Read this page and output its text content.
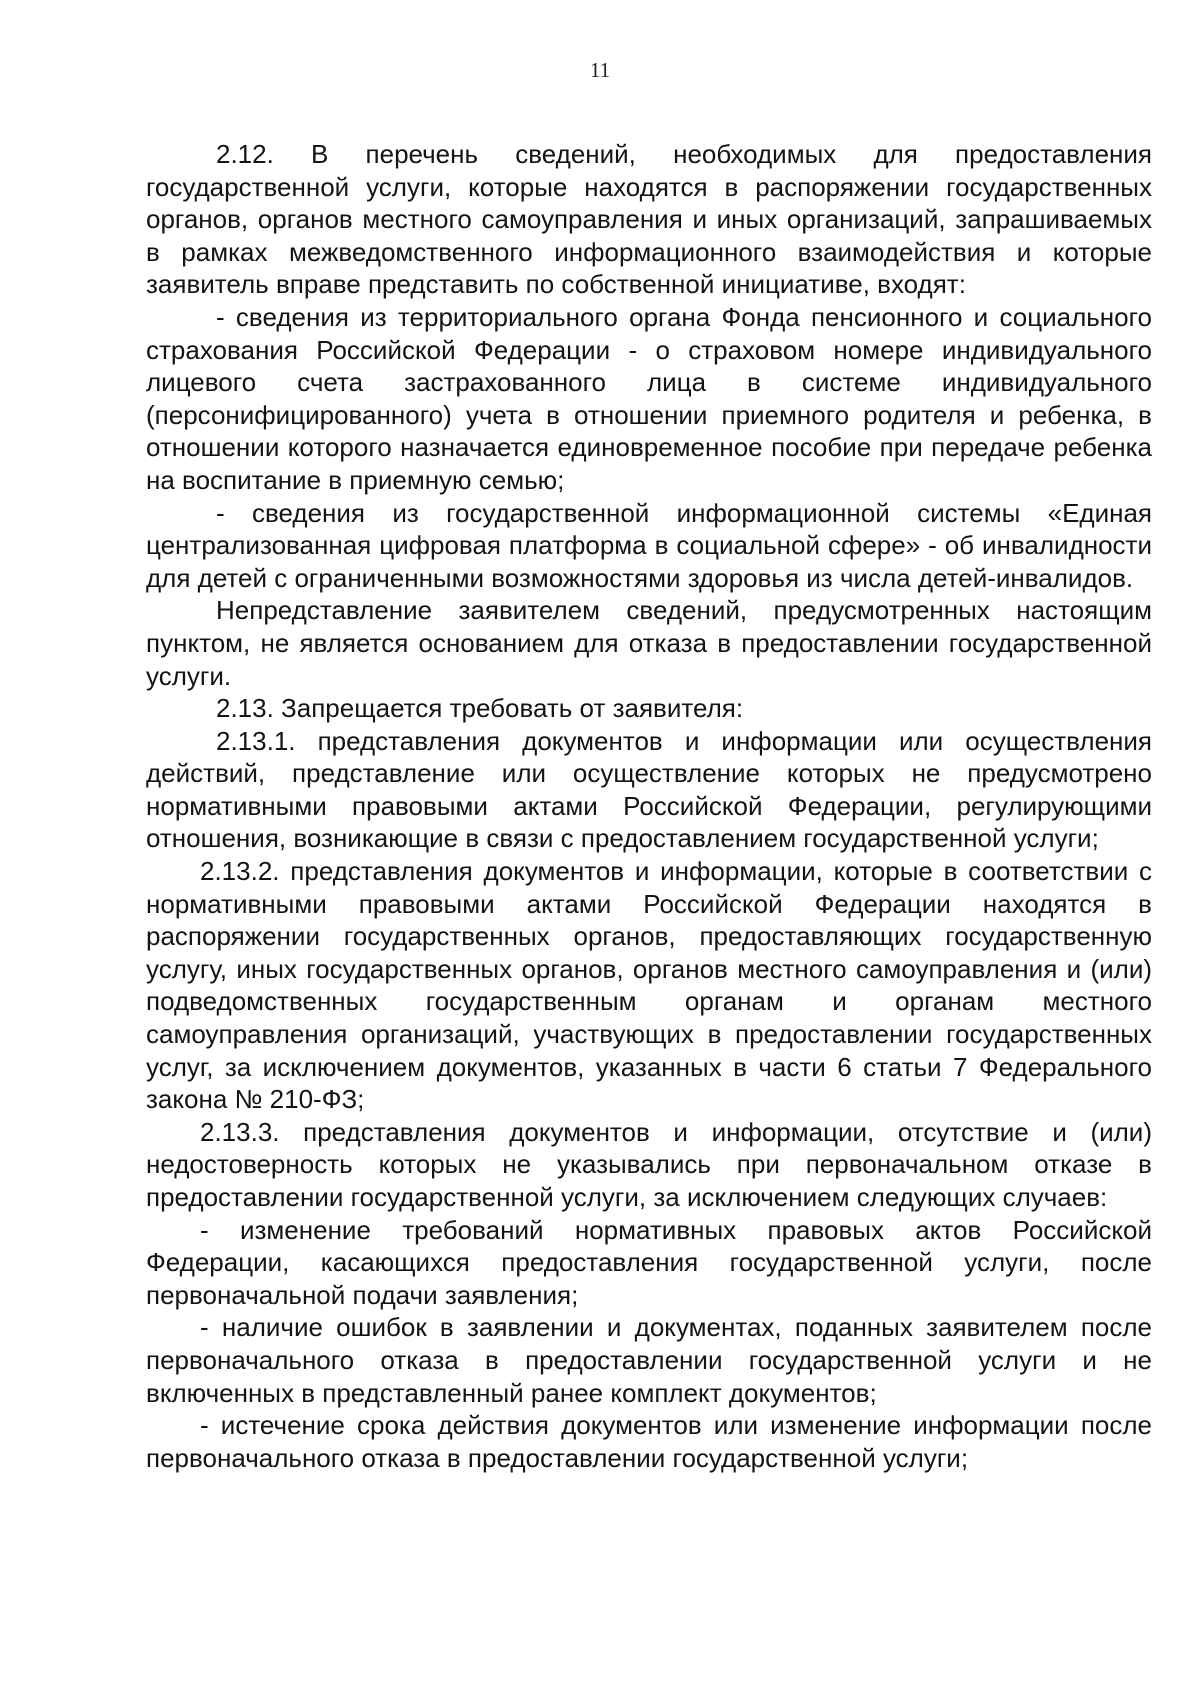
11

2.12. В перечень сведений, необходимых для предоставления государственной услуги, которые находятся в распоряжении государственных органов, органов местного самоуправления и иных организаций, запрашиваемых в рамках межведомственного информационного взаимодействия и которые заявитель вправе представить по собственной инициативе, входят:

- сведения из территориального органа Фонда пенсионного и социального страхования Российской Федерации - о страховом номере индивидуального лицевого счета застрахованного лица в системе индивидуального (персонифицированного) учета в отношении приемного родителя и ребенка, в отношении которого назначается единовременное пособие при передаче ребенка на воспитание в приемную семью;

- сведения из государственной информационной системы «Единая централизованная цифровая платформа в социальной сфере» - об инвалидности для детей с ограниченными возможностями здоровья из числа детей-инвалидов.

Непредставление заявителем сведений, предусмотренных настоящим пунктом, не является основанием для отказа в предоставлении государственной услуги.

2.13. Запрещается требовать от заявителя:

2.13.1. представления документов и информации или осуществления действий, представление или осуществление которых не предусмотрено нормативными правовыми актами Российской Федерации, регулирующими отношения, возникающие в связи с предоставлением государственной услуги;

2.13.2. представления документов и информации, которые в соответствии с нормативными правовыми актами Российской Федерации находятся в распоряжении государственных органов, предоставляющих государственную услугу, иных государственных органов, органов местного самоуправления и (или) подведомственных государственным органам и органам местного самоуправления организаций, участвующих в предоставлении государственных услуг, за исключением документов, указанных в части 6 статьи 7 Федерального закона № 210-ФЗ;

2.13.3. представления документов и информации, отсутствие и (или) недостоверность которых не указывались при первоначальном отказе в предоставлении государственной услуги, за исключением следующих случаев:

- изменение требований нормативных правовых актов Российской Федерации, касающихся предоставления государственной услуги, после первоначальной подачи заявления;

- наличие ошибок в заявлении и документах, поданных заявителем после первоначального отказа в предоставлении государственной услуги и не включенных в представленный ранее комплект документов;

- истечение срока действия документов или изменение информации после первоначального отказа в предоставлении государственной услуги;
